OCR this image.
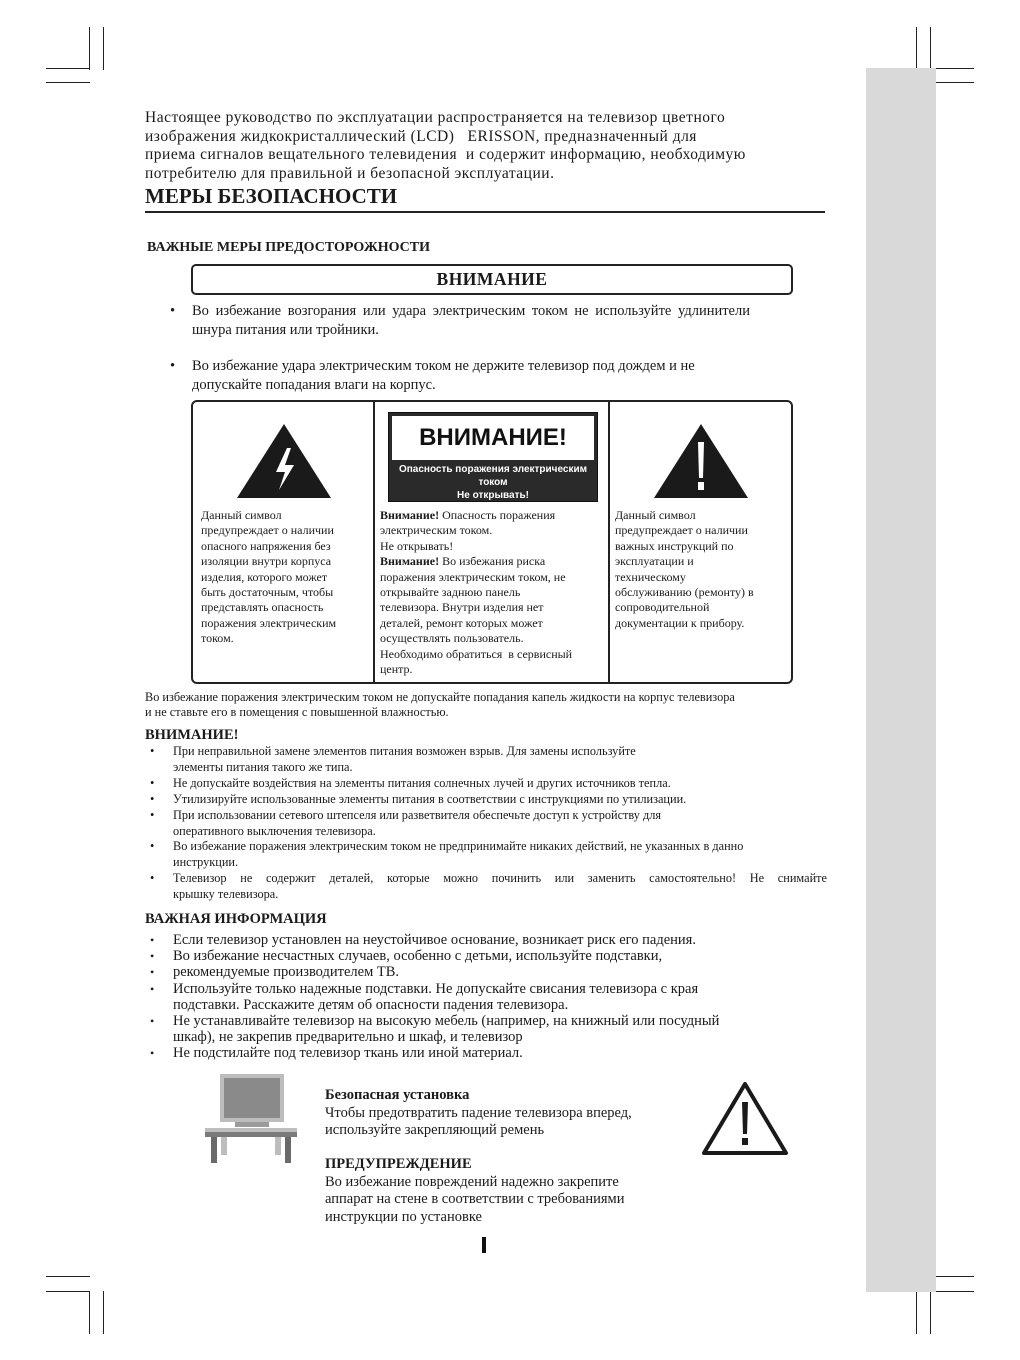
Настоящее руководство по эксплуатации распространяется на телевизор цветного

изображения жидкокристаллический (LCD)   ERISSON, предназначенный для

приема сигналов вещательного телевидения  и содержит информацию, необходимую

потребителю для правильной и безопасной эксплуатации.

МЕРЫ БЕЗОПАСНОСТИ
ВАЖНЫЕ МЕРЫ ПРЕДОСТОРОЖНОСТИ
ВНИМАНИЕ
• Во избежание возгорания или удара электрическим током не используйте удлинители шнура питания или тройники.
• Во избежание удара электрическим током не держите телевизор под дождем и не допускайте попадания влаги на корпус.
Данный символ
предупреждает о наличии
опасного напряжения без
изоляции внутри корпуса
изделия, которого может
быть достаточным, чтобы
представлять опасность
поражения электрическим
током.
ВНИМАНИЕ!
Опасность поражения электрическим током
Не открывать!
Внимание! Опасность поражения
электрическим током.
Не открывать!
Внимание! Во избежания риска
поражения электрическим током, не
открывайте заднюю панель
телевизора. Внутри изделия нет
деталей, ремонт которых может
осуществлять пользователь.
Необходимо обратиться  в сервисный
центр.
Данный символ
предупреждает о наличии
важных инструкций по
эксплуатации и
техническому
обслуживанию (ремонту) в
сопроводительной
документации к прибору.
Во избежание поражения электрическим током не допускайте попадания капель жидкости на корпус телевизора
и не ставьте его в помещения с повышенной влажностью.
ВНИМАНИЕ!
• При неправильной замене элементов питания возможен взрыв. Для замены используйте
элементы питания такого же типа.
• Не допускайте воздействия на элементы питания солнечных лучей и других источников тепла.
• Утилизируйте использованные элементы питания в соответствии с инструкциями по утилизации.
• При использовании сетевого штепселя или разветвителя обеспечьте доступ к устройству для
оперативного выключения телевизора.
• Во избежание поражения электрическим током не предпринимайте никаких действий, не указанных в данно
инструкции.
• Телевизор не содержит деталей, которые можно починить или заменить самостоятельно! Не снимайте
крышку телевизора.
ВАЖНАЯ ИНФОРМАЦИЯ
• Если телевизор установлен на неустойчивое основание, возникает риск его падения.
• Во избежание несчастных случаев, особенно с детьми, используйте подставки,
• рекомендуемые производителем ТВ.
• Используйте только надежные подставки. Не допускайте свисания телевизора с края
подставки. Расскажите детям об опасности падения телевизора.
• Не устанавливайте телевизор на высокую мебель (например, на книжный или посудный
шкаф), не закрепив предварительно и шкаф, и телевизор
• Не подстилайте под телевизор ткань или иной материал.
Безопасная установка
Чтобы предотвратить падение телевизора вперед,
используйте закрепляющий ремень
ПРЕДУПРЕЖДЕНИЕ
Во избежание повреждений надежно закрепите
аппарат на стене в соответствии с требованиями
инструкции по установке
